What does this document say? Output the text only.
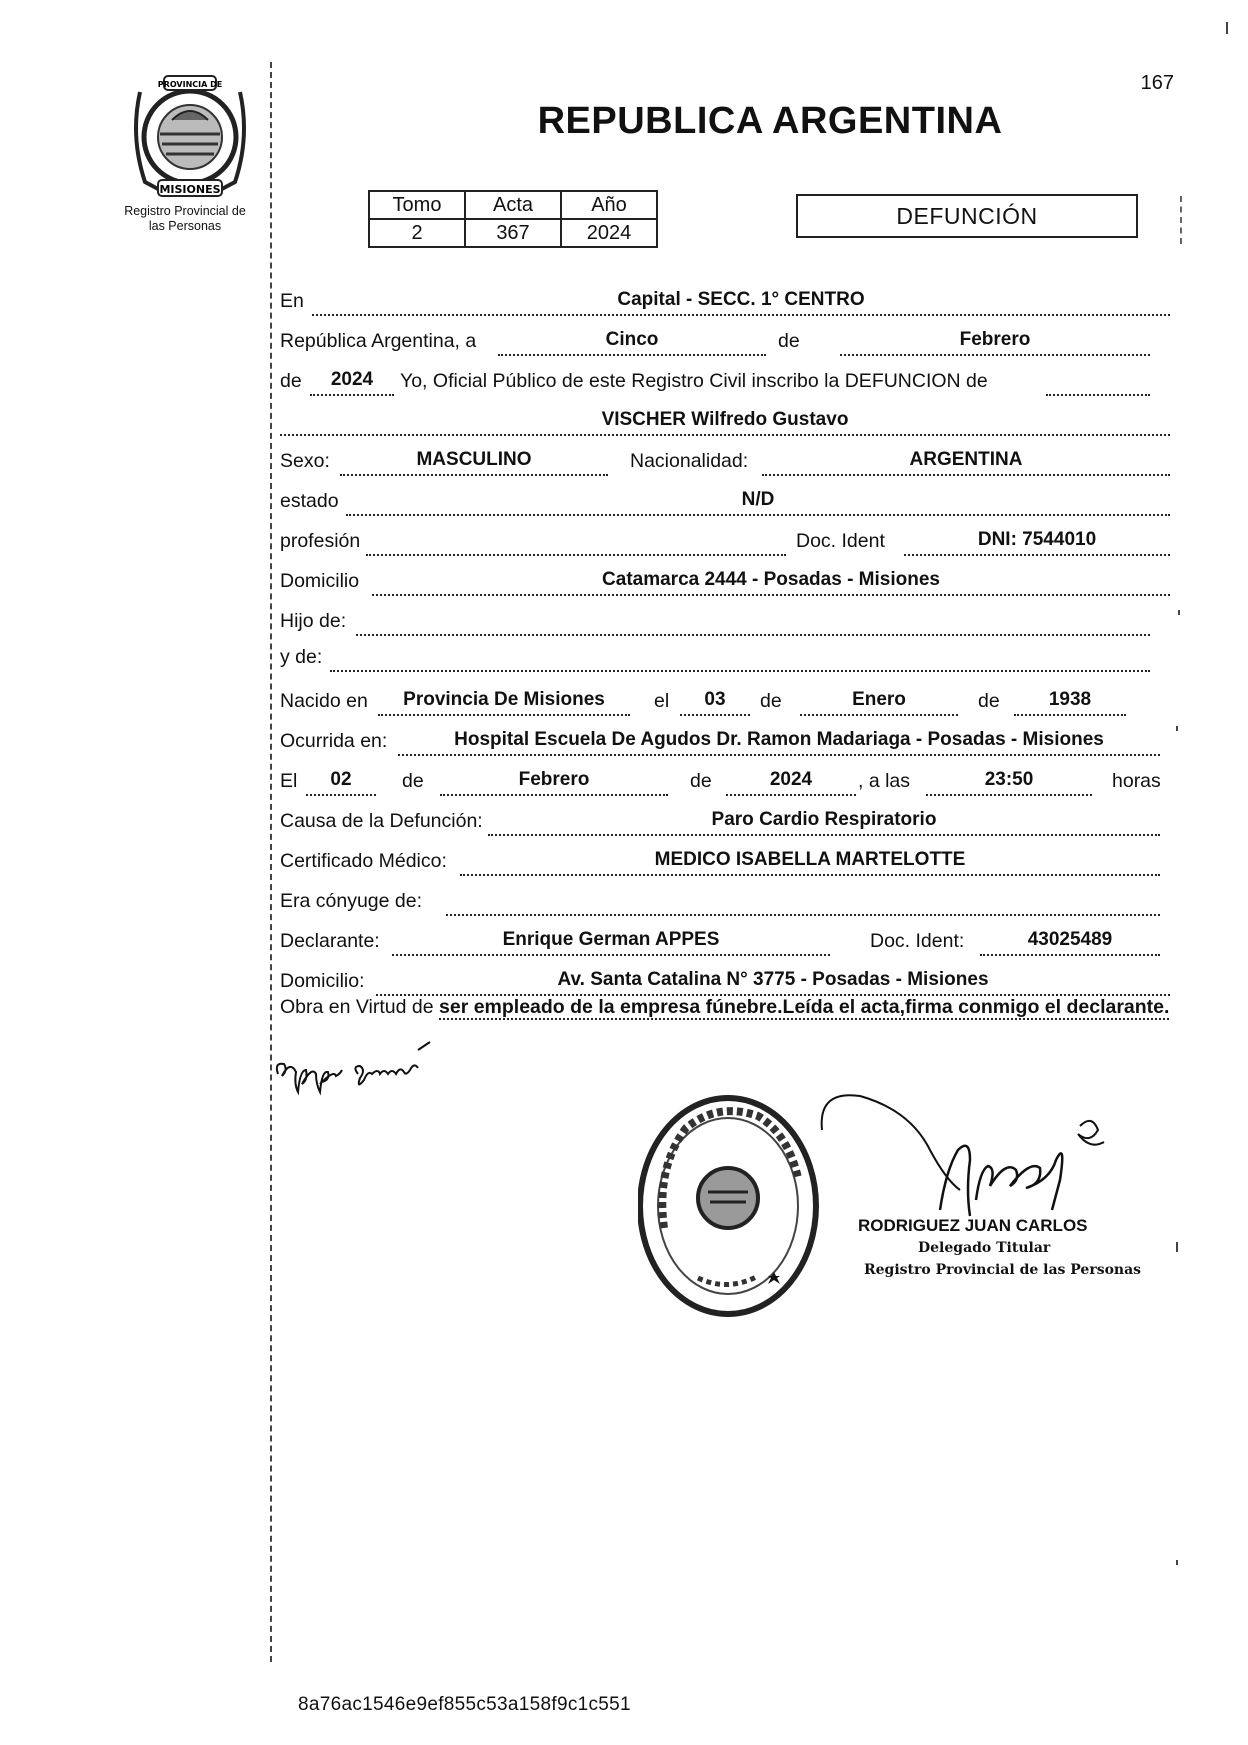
167
PROVINCIA DE
MISIONES
Registro Provincial de
las Personas
REPUBLICA ARGENTINA
Tomo	Acta	Año
2	367	2024
DEFUNCIÓN
En	Capital - SECC. 1° CENTRO
República Argentina, a	Cinco	de	Febrero
de	2024	Yo, Oficial Público de este Registro Civil inscribo la DEFUNCION de
VISCHER Wilfredo Gustavo
Sexo:	MASCULINO	Nacionalidad:	ARGENTINA
estado	N/D
profesión	Doc. Ident	DNI: 7544010
Domicilio	Catamarca 2444 - Posadas - Misiones
Hijo de:
y de:
Nacido en	Provincia De Misiones	el	03	de	Enero	de	1938
Ocurrida en:	Hospital Escuela De Agudos Dr. Ramon Madariaga - Posadas - Misiones
El	02	de	Febrero	de	2024	, a las	23:50	horas
Causa de la Defunción:	Paro Cardio Respiratorio
Certificado Médico:	MEDICO ISABELLA MARTELOTTE
Era cónyuge de:
Declarante:	Enrique German APPES	Doc. Ident:	43025489
Domicilio:	Av. Santa Catalina N° 3775 - Posadas - Misiones
Obra en Virtud de ser empleado de la empresa fúnebre.Leída el acta,firma conmigo el declarante.
RODRIGUEZ JUAN CARLOS
Delegado Titular
Registro Provincial de las Personas
8a76ac1546e9ef855c53a158f9c1c551
